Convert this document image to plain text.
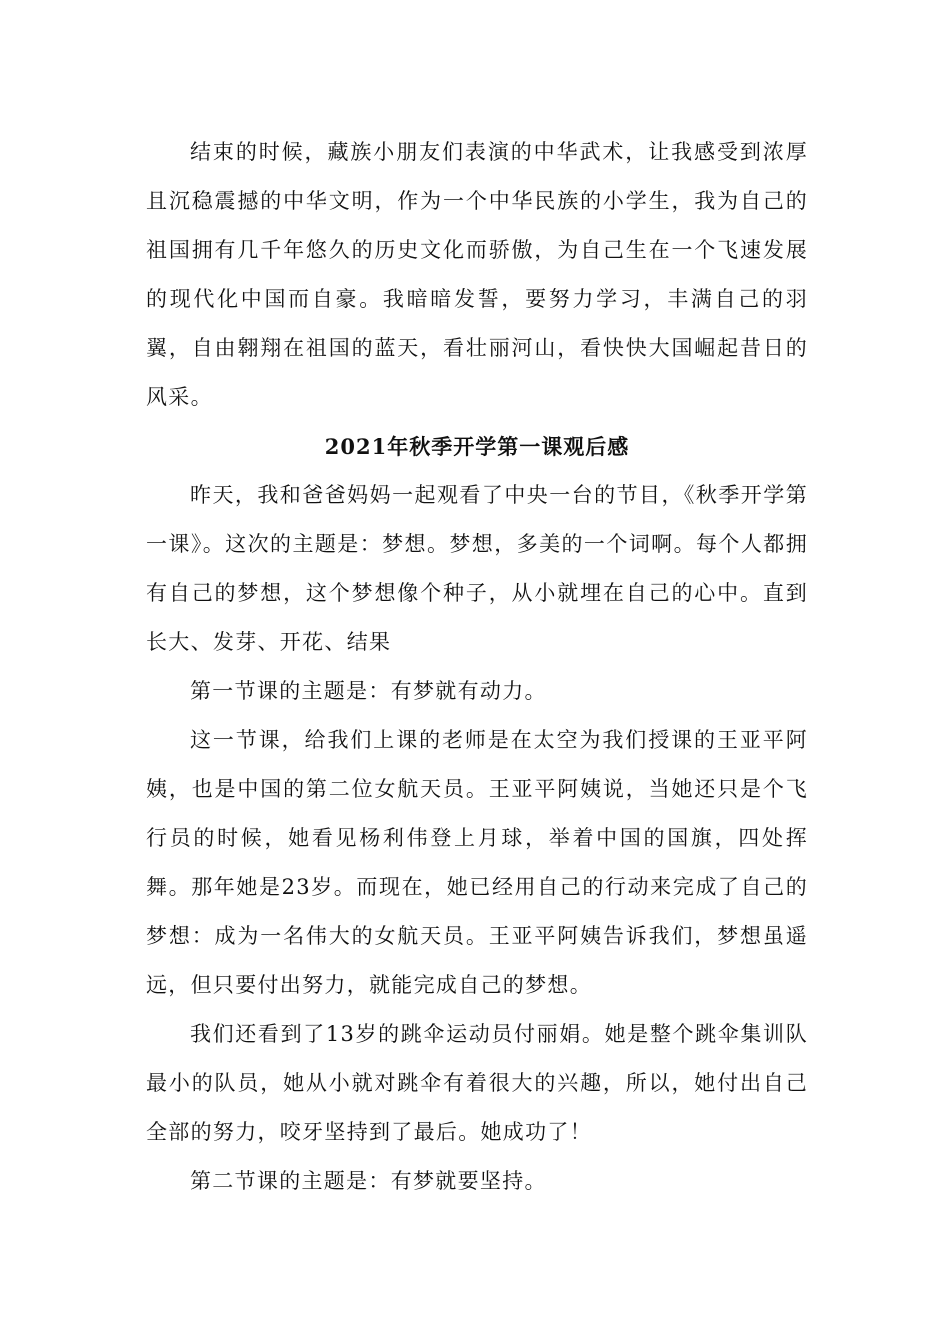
结束的时候，藏族小朋友们表演的中华武术，让我感受到浓厚且沉稳震撼的中华文明，作为一个中华民族的小学生，我为自己的祖国拥有几千年悠久的历史文化而骄傲，为自己生在一个飞速发展的现代化中国而自豪。我暗暗发誓，要努力学习，丰满自己的羽翼，自由翱翔在祖国的蓝天，看壮丽河山，看快快大国崛起昔日的风采。

2021年秋季开学第一课观后感

昨天，我和爸爸妈妈一起观看了中央一台的节目，《秋季开学第一课》。这次的主题是：梦想。梦想，多美的一个词啊。每个人都拥有自己的梦想，这个梦想像个种子，从小就埋在自己的心中。直到长大、发芽、开花、结果

第一节课的主题是：有梦就有动力。

这一节课，给我们上课的老师是在太空为我们授课的王亚平阿姨，也是中国的第二位女航天员。王亚平阿姨说，当她还只是个飞行员的时候，她看见杨利伟登上月球，举着中国的国旗，四处挥舞。那年她是23岁。而现在，她已经用自己的行动来完成了自己的梦想：成为一名伟大的女航天员。王亚平阿姨告诉我们，梦想虽遥远，但只要付出努力，就能完成自己的梦想。

我们还看到了13岁的跳伞运动员付丽娟。她是整个跳伞集训队最小的队员，她从小就对跳伞有着很大的兴趣，所以，她付出自己全部的努力，咬牙坚持到了最后。她成功了！

第二节课的主题是：有梦就要坚持。
